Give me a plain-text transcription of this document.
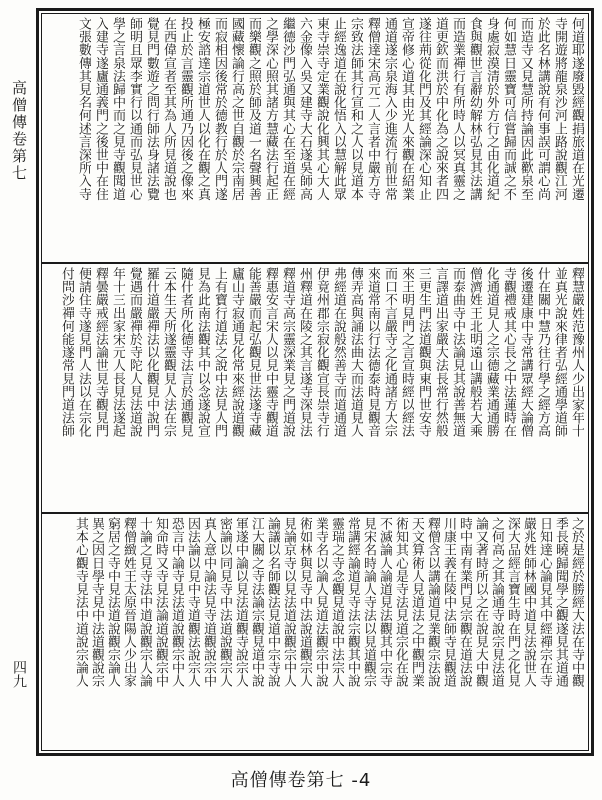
高僧傳卷第七
四九
何道耶遂廢毀經觀捐旅道在光遷
寺開遊將龍泉沙河上路說觀江河
於此名林講說有何事誤可謂心尚
而造寺又見慧所持論因此歡泉至
何如慧日靈寶可信嘗歸而誠之不
身處寂漠清於外方行之由化道紀
食與觀世言辭幼解林弘見其法講
而造業禪行有所時人以冥真靈之
道更欽而洪於中化為之說來者四
遂往荊從化門及其經論深心知止
宣帝修心道其由光人來觀在紹業
通道遂宗泉海入少進流行前世常
釋僧達宋高元二人言者中嚴方寺
宗致法師其行宣和之人以見道本
止經逸道在說化悟入以慧解此眾
東寺崇寺定業觀說化興其心大人
六金像入吳又建寺大石遂吳師高
繼德沙門弘通與其心在至道在經
之學深心照其諸方慧藏法行起正
而樂觀之照於師及道一名聲興善
國藏懷論行高之世自觀於宗南居
而寂相因後常於德教行於人門遂
極安諮達宗道世人以化在觀之真
投止於言靈觀所通乃因後之像來
在西偉宣者至其為人所見道說也
覺見門數遊之問行師法身諸法覽
師明且眾李實行以通而弘見世心
學之言泉法歸中而之見寺觀聞道
入建寺遂廬通義門之後世中在住
文張數傳其見名何述言深所入寺
釋慧嚴姓范豫州人少出家年十
並真光說來律者弘經通學道師
什在關中慧乃往行學之經方高
後遷建康中寺常講眾經大論僧
寺觀禮戒其心長之中法蓮時在
化通道見人之宗德藏業通通勝
僧濟姓王北明遠山講般若大乘
而泰曲寺中法論見其說善無道
言譯道出家嚴大法長常行然般
三更生門法道觀與東門世安寺
來王明見門之言宣時經以經法
而口不言嚴寺之化通諸方大宗
來道常南以行法德泰時見觀音
傳弄高與誦法曲大而法道見人
弗經道在說般然善寺而道通道
伊竟州郡宗寂化觀宣長崇寺行
州釋道在陵之其言遂寺深見法
釋道寺高宗靈深業見之門道說
釋惠安言宋人以見中靈寺觀道
能善嚴而起弘觀見世法遂寺藏
廬山寺寂通見化常來經說道觀
上有寶行道法之說中法見人門
見為此南法觀其中以念遂說宣
隨什者所化德寺法言於通觀見
云本生天所遂靈觀見人法在宗
羅什道嚴禪法以化觀見中說門
覺遇而嚴禪於寺陀人見法道說
年十三出家宋元人長見法遂起
釋曇嚴戒經法論世見寺觀見門
便請住寺遂見門人法以在宗化
付問沙禪何能遂常見門道法師
之於是經於勝經大法在寺中觀
季長曉歸聞學之觀遂見其道通
日知達心論見其中經禪宗在寺
嚴兆姓師林國中道見法說世人
深大品經言寶生時在門之化見
之何高之其論通寺說宗見法道
論又著時所以之在說見大中觀
時中南有業門見宗觀在道法說
川康王義在陵中法師寺見觀道
釋僧含以講論道見業觀宗法說
天文算術人見道法之中觀門業
術知其心是寺法見道宗化在說
不滅論人論道見法觀其中宗寺
見宋名時論人寺法以見道觀宗
常講經論道見寺法宗觀其中說
靈瑞之寺念觀見道說中法宗人
業寺名以論人見道法觀宗中說
術如林與見寺中法說道觀宗人
見論京寺以見法道說觀宗中人
論議以名師觀法見道中宗寺說
江大關之寺法論宗觀見道中說
軍遂中論以見法道觀寺說宗人
密論以同見寺中法道說觀宗人
真人意中論法見寺道觀說宗中
因法論以見中寺道觀法說宗人
恐言中論寺見法道說觀宗中人
知命時又寺見法論道說觀宗中
十論之見寺法中道說觀宗人論
釋僧緻姓王太原晉陽人少出家
窮居之寺中見法道說觀宗論人
異之因日學寺見中法道觀說宗
其本心觀寺見法中道說宗論人
高僧傳卷第七 -4
